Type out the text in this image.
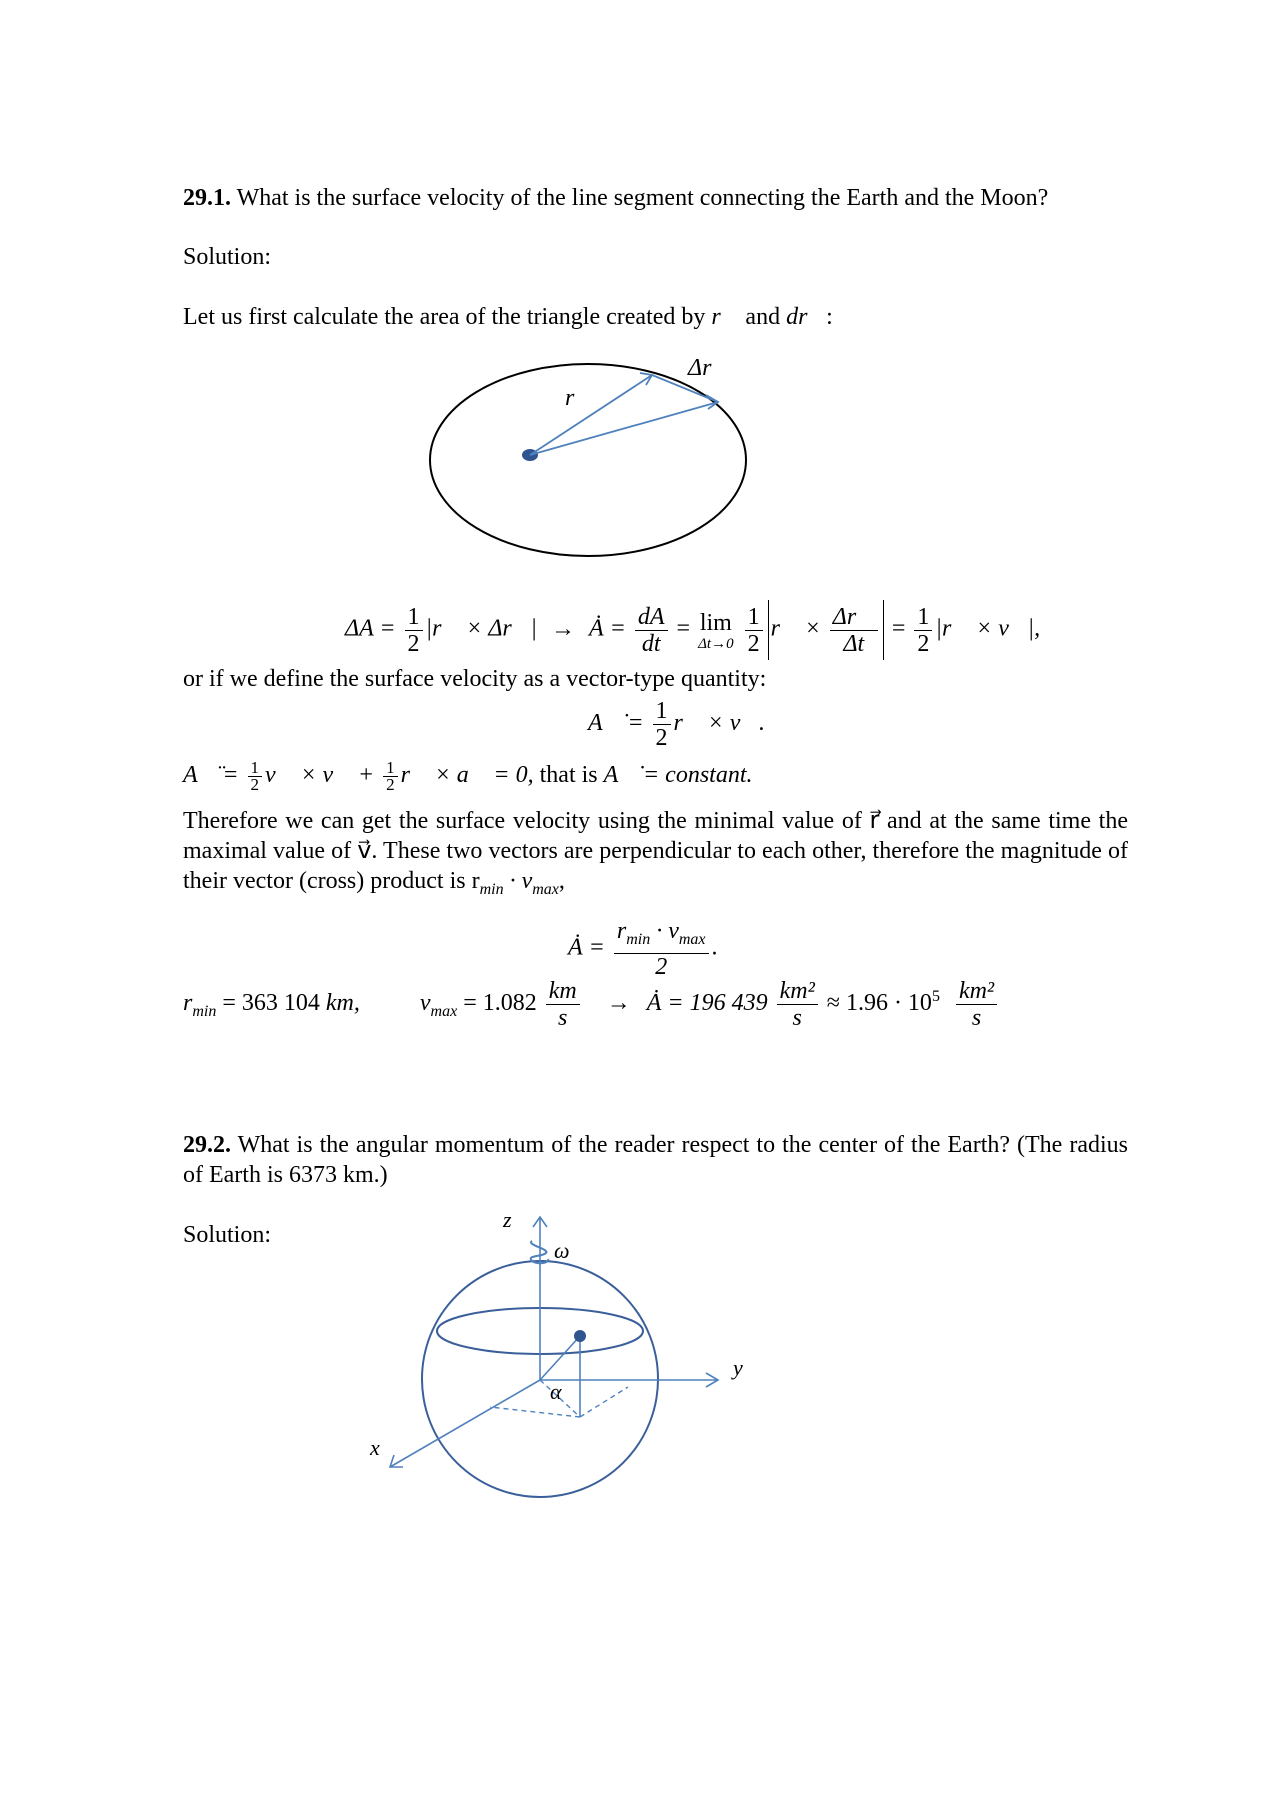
29.1. What is the surface velocity of the line segment connecting the Earth and the Moon?
Solution:
Let us first calculate the area of the triangle created by r⃗ and dr⃗:
r⃗
Δr⃗
$\Delta A = \frac{1}{2}$ |r⃗ × Δr⃗| → Ȧ = $\frac{dA}{dt} = \lim$
Δt→0
$\frac{1}{2}$ r⃗ × $\frac{\Delta r⃗}{\Delta t} = \frac{1}{2}$ |r⃗ × v⃗|,
or if we define the surface velocity as a vector-type quantity:
A⃗̇ = $\frac{1}{2}$ r⃗ × v⃗.
A⃗̈ = $\frac{1}{2}$ v⃗ × v⃗ + $\frac{1}{2}$ r⃗ × a⃗ = 0, that is A⃗̇ = constant.
Therefore we can get the surface velocity using the minimal value of r⃗ and at the same time the maximal value of v⃗. These two vectors are perpendicular to each other, therefore the magnitude of their vector (cross) product is $r_{min} \cdot v_{max}$,
Ȧ = $\frac{r_{min} \cdot v_{max}}{2}$ .
$r_{min} = 363$ 104 km,	$v_{max} = 1.082 \frac{km}{s}$ → Ȧ = 196 $439 \frac{\text{km²}}{s} \approx 1.96 \cdot 10^5 \frac{\text{km²}}{s}$
29.2. What is the angular momentum of the reader respect to the center of the Earth? (The radius of Earth is 6373 km.)
Solution:
z
ω
y
x
α
